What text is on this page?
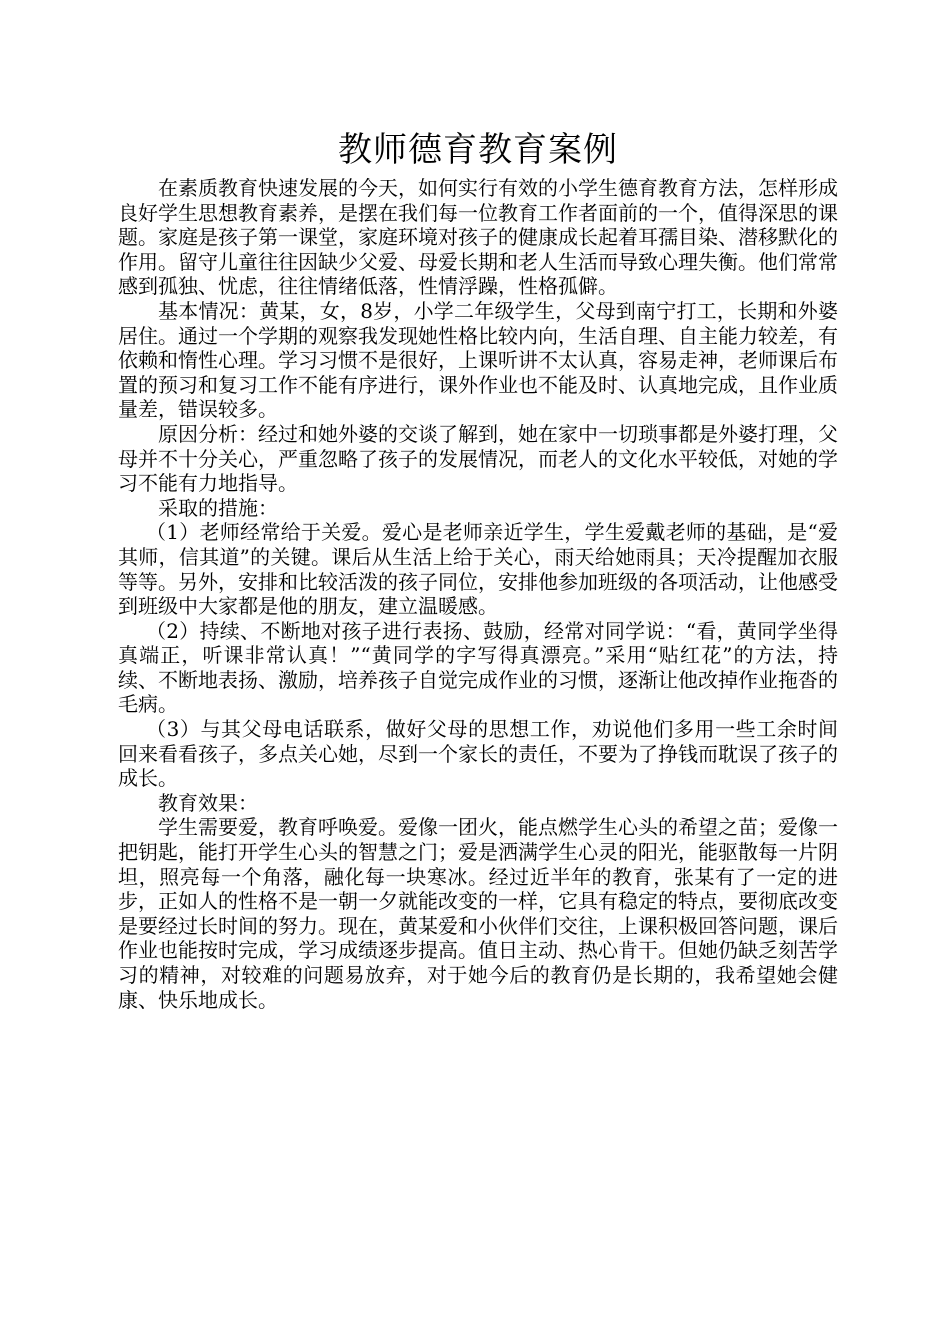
教师德育教育案例

在素质教育快速发展的今天，如何实行有效的小学生德育教育方法，怎样形成良好学生思想教育素养，是摆在我们每一位教育工作者面前的一个，值得深思的课题。家庭是孩子第一课堂，家庭环境对孩子的健康成长起着耳孺目染、潜移默化的作用。留守儿童往往因缺少父爱、母爱长期和老人生活而导致心理失衡。他们常常感到孤独、忧虑，往往情绪低落，性情浮躁，性格孤僻。

基本情况：黄某，女，8岁，小学二年级学生，父母到南宁打工，长期和外婆居住。通过一个学期的观察我发现她性格比较内向，生活自理、自主能力较差，有依赖和惰性心理。学习习惯不是很好，上课听讲不太认真，容易走神，老师课后布置的预习和复习工作不能有序进行，课外作业也不能及时、认真地完成，且作业质量差，错误较多。

原因分析：经过和她外婆的交谈了解到，她在家中一切琐事都是外婆打理，父母并不十分关心，严重忽略了孩子的发展情况，而老人的文化水平较低，对她的学习不能有力地指导。

采取的措施：

（1）老师经常给于关爱。爱心是老师亲近学生，学生爱戴老师的基础，是“爱其师，信其道”的关键。课后从生活上给于关心，雨天给她雨具；天冷提醒加衣服等等。另外，安排和比较活泼的孩子同位，安排他参加班级的各项活动，让他感受到班级中大家都是他的朋友，建立温暖感。

（2）持续、不断地对孩子进行表扬、鼓励，经常对同学说：“看，黄同学坐得真端正，听课非常认真！”“黄同学的字写得真漂亮。”采用“贴红花”的方法，持续、不断地表扬、激励，培养孩子自觉完成作业的习惯，逐渐让他改掉作业拖沓的毛病。

（3）与其父母电话联系，做好父母的思想工作，劝说他们多用一些工余时间回来看看孩子，多点关心她，尽到一个家长的责任，不要为了挣钱而耽误了孩子的成长。

教育效果：

学生需要爱，教育呼唤爱。爱像一团火，能点燃学生心头的希望之苗；爱像一把钥匙，能打开学生心头的智慧之门；爱是洒满学生心灵的阳光，能驱散每一片阴坦，照亮每一个角落，融化每一块寒冰。经过近半年的教育，张某有了一定的进步，正如人的性格不是一朝一夕就能改变的一样，它具有稳定的特点，要彻底改变是要经过长时间的努力。现在，黄某爱和小伙伴们交往，上课积极回答问题，课后作业也能按时完成，学习成绩逐步提高。值日主动、热心肯干。但她仍缺乏刻苦学习的精神，对较难的问题易放弃，对于她今后的教育仍是长期的，我希望她会健康、快乐地成长。
